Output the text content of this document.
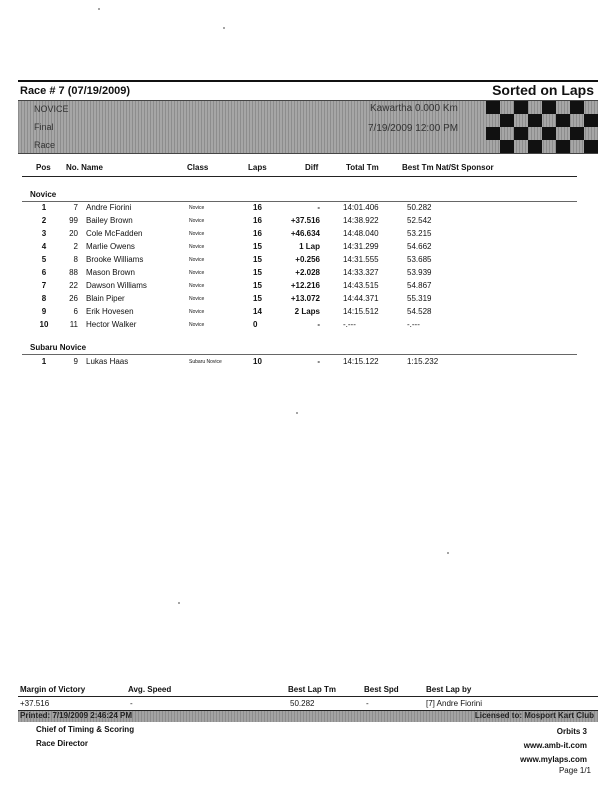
Race # 7 (07/19/2009)	Sorted on Laps
NOVICE
Final
Race
Kawartha 0.000 Km
7/19/2009 12:00 PM
Pos No. Name	Class	Laps	Diff	Total Tm	Best Tm Nat/St Sponsor
Novice
1	7 Andre Fiorini	Novice	16	-	14:01.406	50.282
2	99 Bailey Brown	Novice	16	+37.516	14:38.922	52.542
3	20 Cole McFadden	Novice	16	+46.634	14:48.040	53.215
4	2 Marlie Owens	Novice	15	1 Lap	14:31.299	54.662
5	8 Brooke Williams	Novice	15	+0.256	14:31.555	53.685
6	88 Mason Brown	Novice	15	+2.028	14:33.327	53.939
7	22 Dawson Williams	Novice	15	+12.216	14:43.515	54.867
8	26 Blain Piper	Novice	15	+13.072	14:44.371	55.319
9	6 Erik Hovesen	Novice	14	2 Laps	14:15.512	54.528
10	11 Hector Walker	Novice	0	-	-.---	-.---
Subaru Novice
1	9 Lukas Haas	Subaru Novice	10	-	14:15.122	1:15.232
Margin of Victory	Avg. Speed	Best Lap Tm	Best Spd	Best Lap by
+37.516	-	50.282	-	[7] Andre Fiorini
Printed: 7/19/2009 2:46:24 PM	Licensed to: Mosport Kart Club
Chief of Timing & Scoring
Race Director
Orbits 3
www.amb-it.com
www.mylaps.com
Page 1/1
